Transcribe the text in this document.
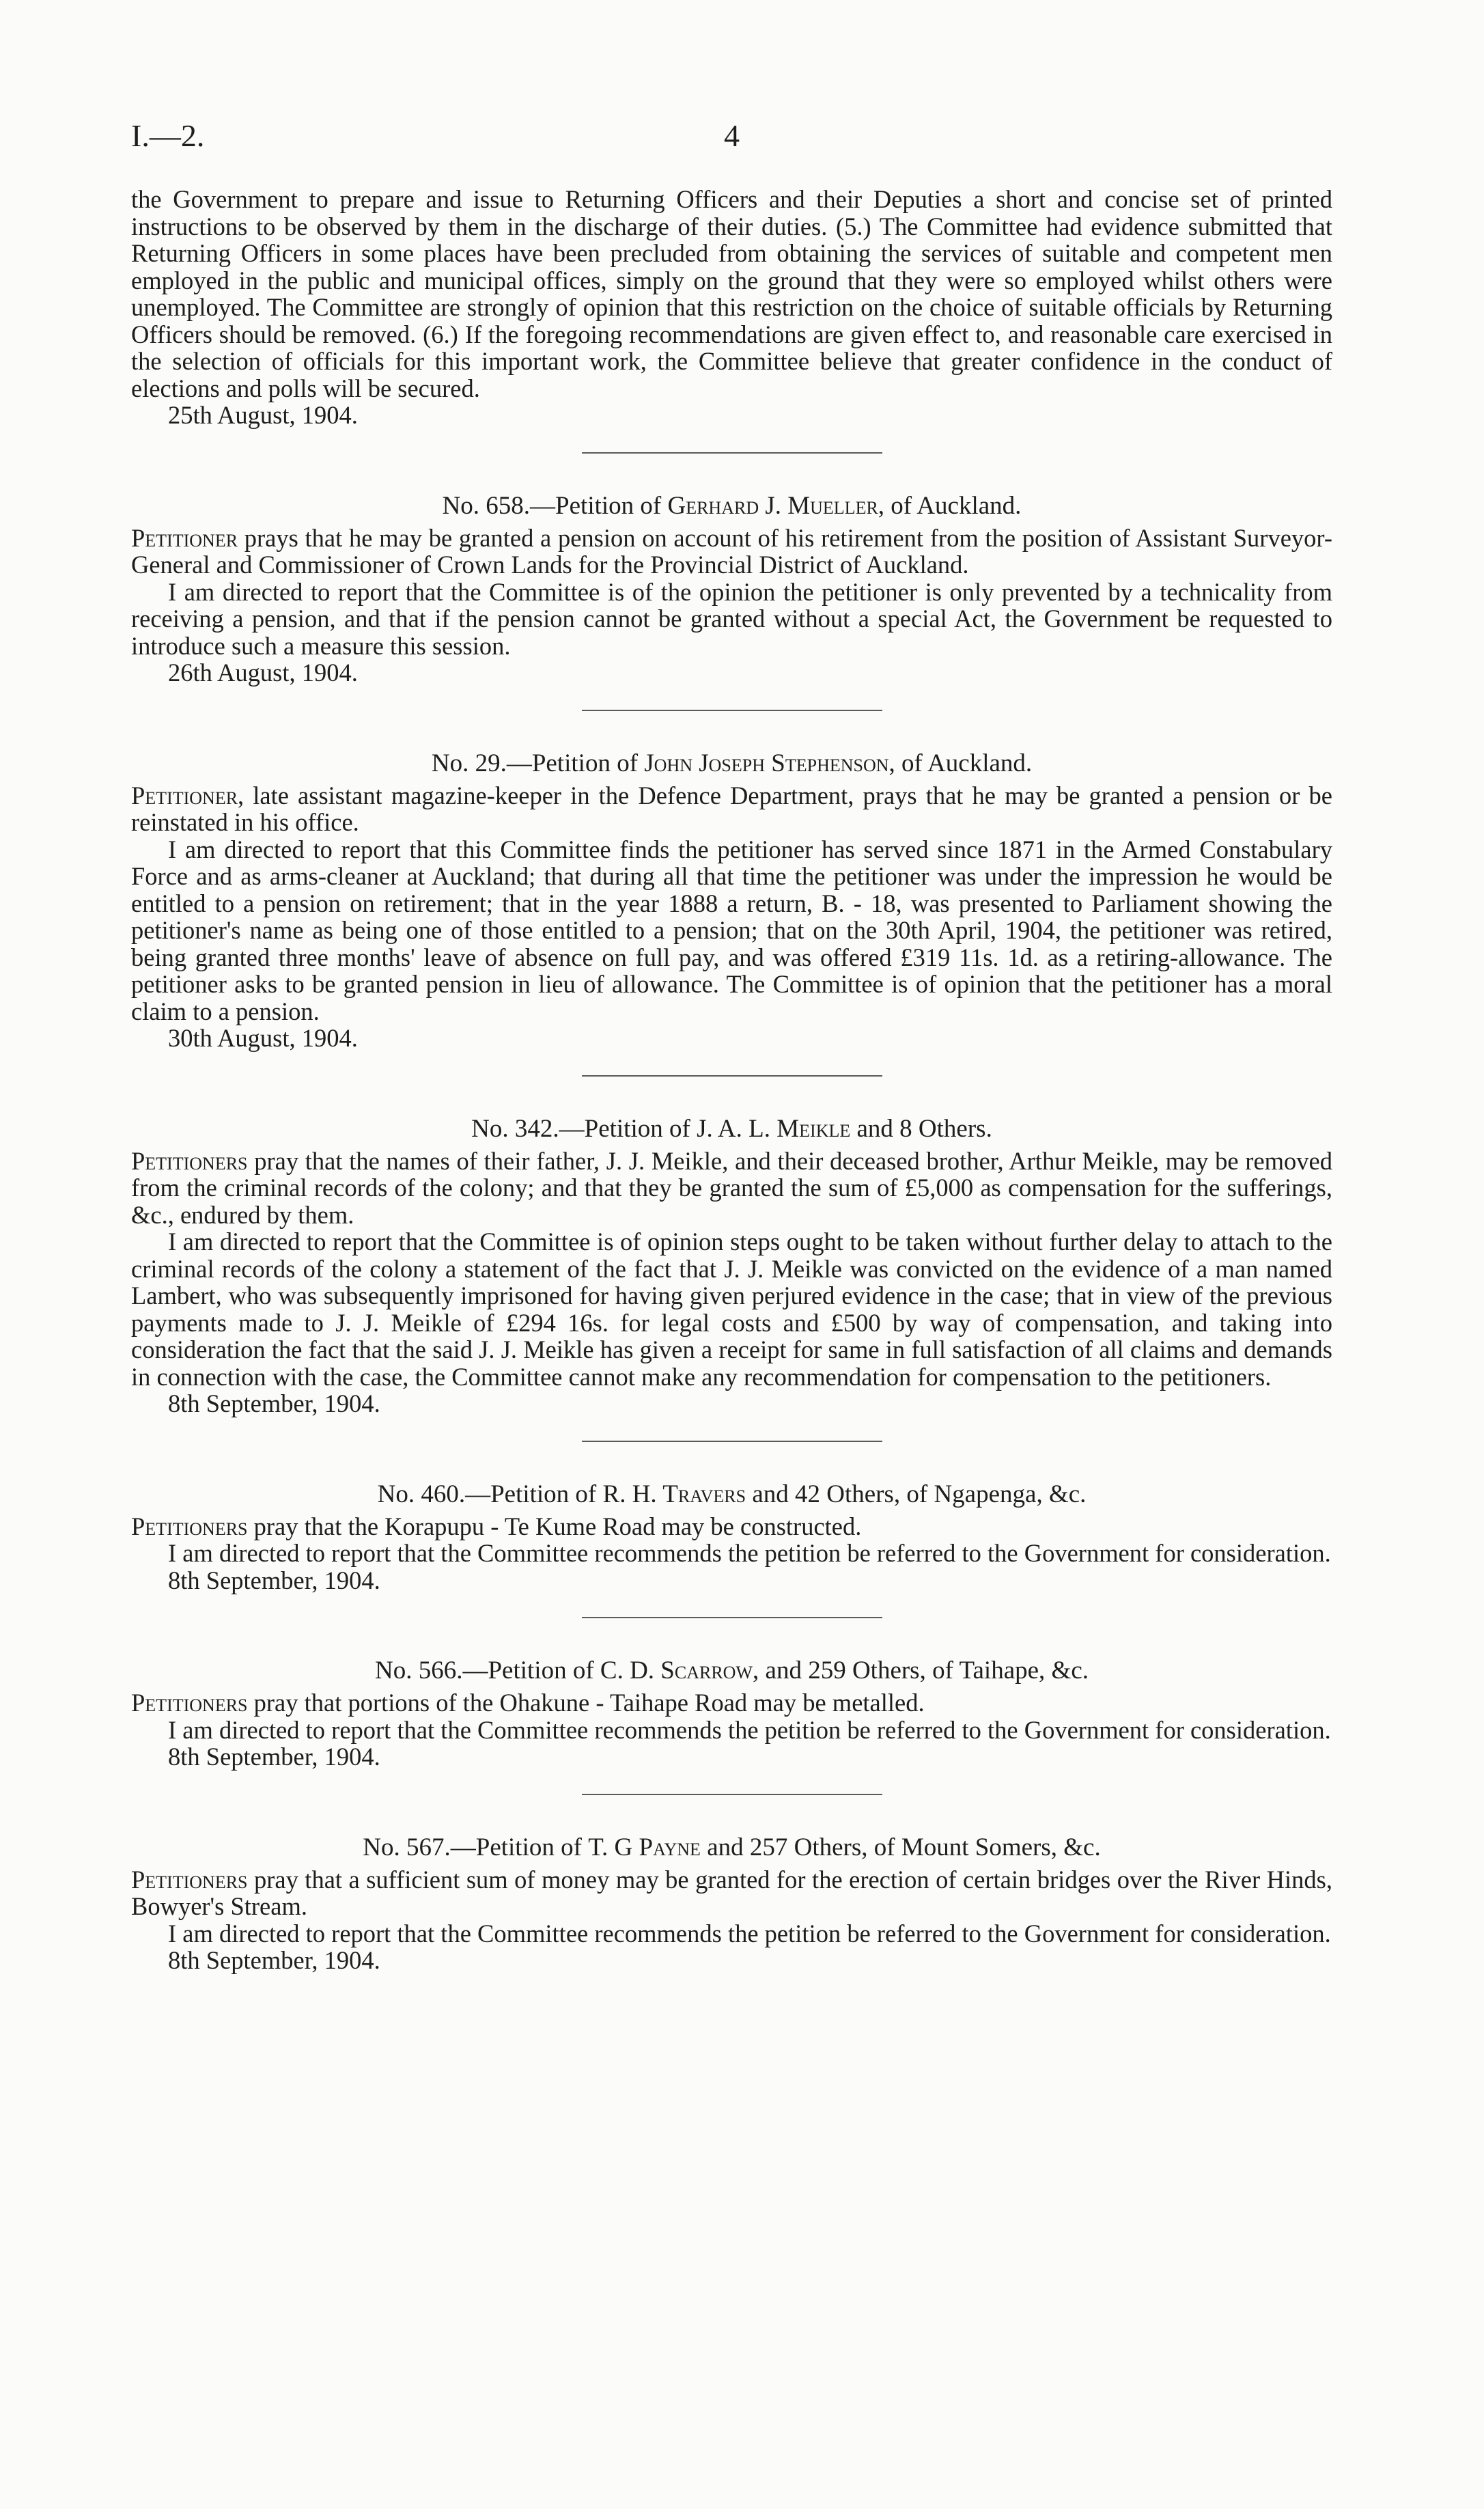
I.—2.	4

the Government to prepare and issue to Returning Officers and their Deputies a short and concise set of printed instructions to be observed by them in the discharge of their duties. (5.) The Committee had evidence submitted that Returning Officers in some places have been precluded from obtaining the services of suitable and competent men employed in the public and municipal offices, simply on the ground that they were so employed whilst others were unemployed. The Committee are strongly of opinion that this restriction on the choice of suitable officials by Returning Officers should be removed. (6.) If the foregoing recommendations are given effect to, and reasonable care exercised in the selection of officials for this important work, the Committee believe that greater confidence in the conduct of elections and polls will be secured.

25th August, 1904.

No. 658.—Petition of Gerhard J. Mueller, of Auckland.

Petitioner prays that he may be granted a pension on account of his retirement from the position of Assistant Surveyor-General and Commissioner of Crown Lands for the Provincial District of Auckland.

I am directed to report that the Committee is of the opinion the petitioner is only prevented by a technicality from receiving a pension, and that if the pension cannot be granted without a special Act, the Government be requested to introduce such a measure this session.

26th August, 1904.

No. 29.—Petition of John Joseph Stephenson, of Auckland.

Petitioner, late assistant magazine-keeper in the Defence Department, prays that he may be granted a pension or be reinstated in his office.

I am directed to report that this Committee finds the petitioner has served since 1871 in the Armed Constabulary Force and as arms-cleaner at Auckland; that during all that time the petitioner was under the impression he would be entitled to a pension on retirement; that in the year 1888 a return, B. - 18, was presented to Parliament showing the petitioner's name as being one of those entitled to a pension; that on the 30th April, 1904, the petitioner was retired, being granted three months' leave of absence on full pay, and was offered £319 11s. 1d. as a retiring-allowance. The petitioner asks to be granted pension in lieu of allowance. The Committee is of opinion that the petitioner has a moral claim to a pension.

30th August, 1904.

No. 342.—Petition of J. A. L. Meikle and 8 Others.

Petitioners pray that the names of their father, J. J. Meikle, and their deceased brother, Arthur Meikle, may be removed from the criminal records of the colony; and that they be granted the sum of £5,000 as compensation for the sufferings, &c., endured by them.

I am directed to report that the Committee is of opinion steps ought to be taken without further delay to attach to the criminal records of the colony a statement of the fact that J. J. Meikle was convicted on the evidence of a man named Lambert, who was subsequently imprisoned for having given perjured evidence in the case; that in view of the previous payments made to J. J. Meikle of £294 16s. for legal costs and £500 by way of compensation, and taking into consideration the fact that the said J. J. Meikle has given a receipt for same in full satisfaction of all claims and demands in connection with the case, the Committee cannot make any recommendation for compensation to the petitioners.

8th September, 1904.

No. 460.—Petition of R. H. Travers and 42 Others, of Ngapenga, &c.

Petitioners pray that the Korapupu - Te Kume Road may be constructed.

I am directed to report that the Committee recommends the petition be referred to the Government for consideration.

8th September, 1904.

No. 566.—Petition of C. D. Scarrow, and 259 Others, of Taihape, &c.

Petitioners pray that portions of the Ohakune - Taihape Road may be metalled.

I am directed to report that the Committee recommends the petition be referred to the Government for consideration.

8th September, 1904.

No. 567.—Petition of T. G Payne and 257 Others, of Mount Somers, &c.

Petitioners pray that a sufficient sum of money may be granted for the erection of certain bridges over the River Hinds, Bowyer's Stream.

I am directed to report that the Committee recommends the petition be referred to the Government for consideration.

8th September, 1904.
